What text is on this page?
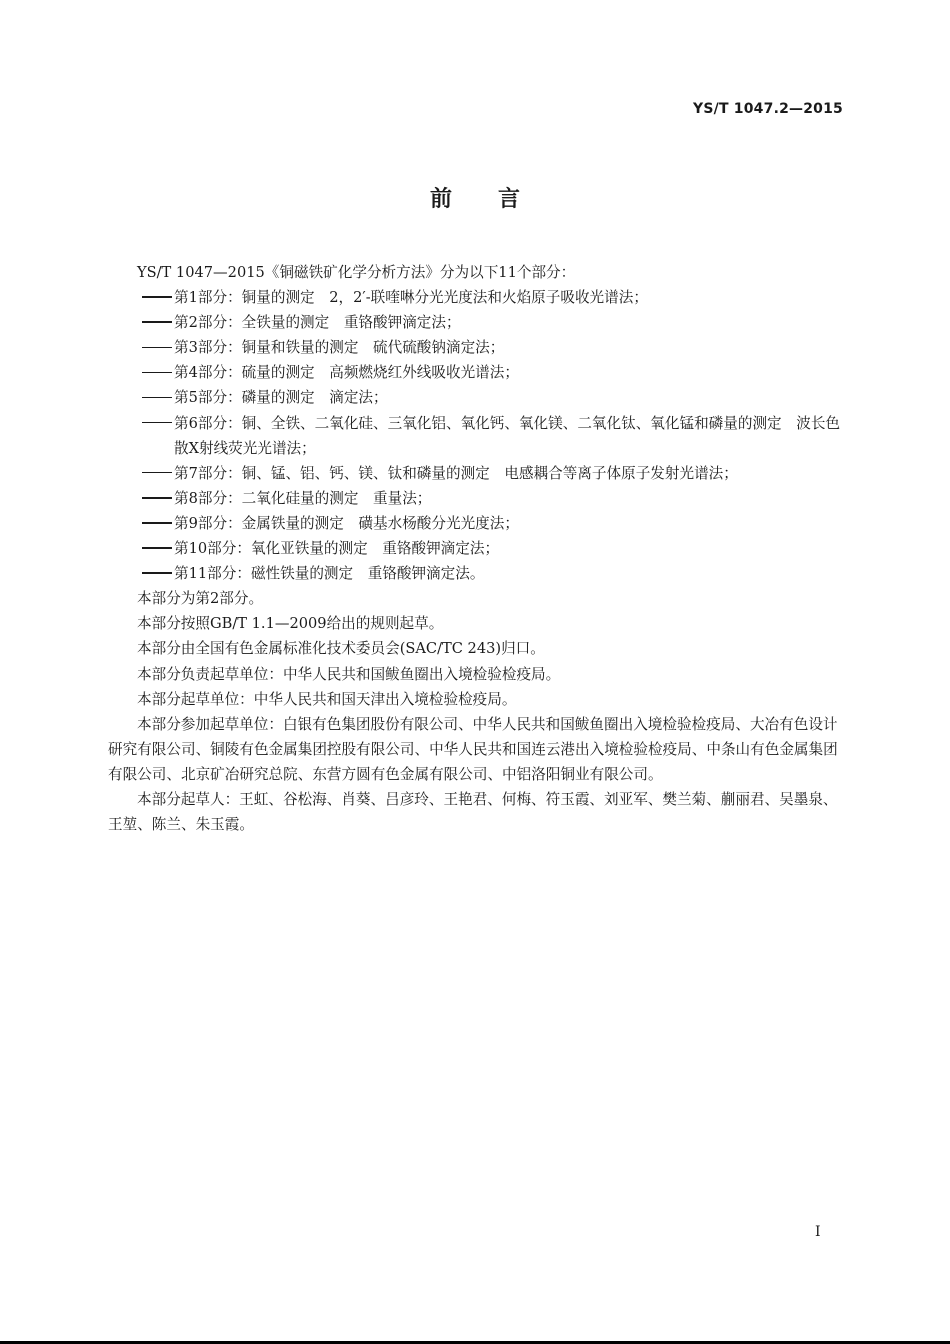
YS/T 1047.2—2015
前言

YS/T 1047—2015《铜磁铁矿化学分析方法》分为以下11个部分：

第1部分：铜量的测定　2，2′-联喹啉分光光度法和火焰原子吸收光谱法；

第2部分：全铁量的测定　重铬酸钾滴定法；

第3部分：铜量和铁量的测定　硫代硫酸钠滴定法；

第4部分：硫量的测定　高频燃烧红外线吸收光谱法；

第5部分：磷量的测定　滴定法；

第6部分：铜、全铁、二氧化硅、三氧化铝、氧化钙、氧化镁、二氧化钛、氧化锰和磷量的测定　波长色散X射线荧光光谱法；

第7部分：铜、锰、铝、钙、镁、钛和磷量的测定　电感耦合等离子体原子发射光谱法；

第8部分：二氧化硅量的测定　重量法；

第9部分：金属铁量的测定　磺基水杨酸分光光度法；

第10部分：氧化亚铁量的测定　重铬酸钾滴定法；

第11部分：磁性铁量的测定　重铬酸钾滴定法。

本部分为第2部分。

本部分按照GB/T 1.1—2009给出的规则起草。

本部分由全国有色金属标准化技术委员会(SAC/TC 243)归口。

本部分负责起草单位：中华人民共和国鲅鱼圈出入境检验检疫局。

本部分起草单位：中华人民共和国天津出入境检验检疫局。

本部分参加起草单位：白银有色集团股份有限公司、中华人民共和国鲅鱼圈出入境检验检疫局、大冶有色设计研究有限公司、铜陵有色金属集团控股有限公司、中华人民共和国连云港出入境检验检疫局、中条山有色金属集团有限公司、北京矿冶研究总院、东营方圆有色金属有限公司、中铝洛阳铜业有限公司。

本部分起草人：王虹、谷松海、肖葵、吕彦玲、王艳君、何梅、符玉霞、刘亚军、樊兰菊、蒯丽君、吴墨泉、王堃、陈兰、朱玉霞。

I
